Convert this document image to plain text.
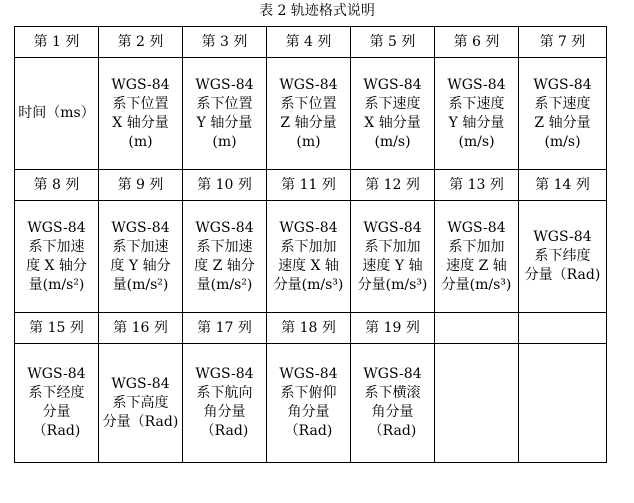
表 2 轨迹格式说明
第 1 列	第 2 列	第 3 列	第 4 列	第 5 列	第 6 列	第 7 列

时间（ms）	WGS-84
系下位置
X 轴分量
(m)	WGS-84
系下位置
Y 轴分量
(m)	WGS-84
系下位置
Z 轴分量
(m)	WGS-84
系下速度
X 轴分量
(m/s)	WGS-84
系下速度
Y 轴分量
(m/s)	WGS-84
系下速度
Z 轴分量
(m/s)

第 8 列	第 9 列	第 10 列	第 11 列	第 12 列	第 13 列	第 14 列

WGS-84
系下加速
度 X 轴分
量(m/s²)	WGS-84
系下加速
度 Y 轴分
量(m/s²)	WGS-84
系下加速
度 Z 轴分
量(m/s²)	WGS-84
系下加加
速度 X 轴
分量(m/s³)	WGS-84
系下加加
速度 Y 轴
分量(m/s³)	WGS-84
系下加加
速度 Z 轴
分量(m/s³)	WGS-84
系下纬度
分量（Rad)

第 15 列	第 16 列	第 17 列	第 18 列	第 19 列		

WGS-84
系下经度
分量
（Rad)	WGS-84
系下高度
分量（Rad)	WGS-84
系下航向
角分量
（Rad)	WGS-84
系下俯仰
角分量
（Rad)	WGS-84
系下横滚
角分量
（Rad)		
